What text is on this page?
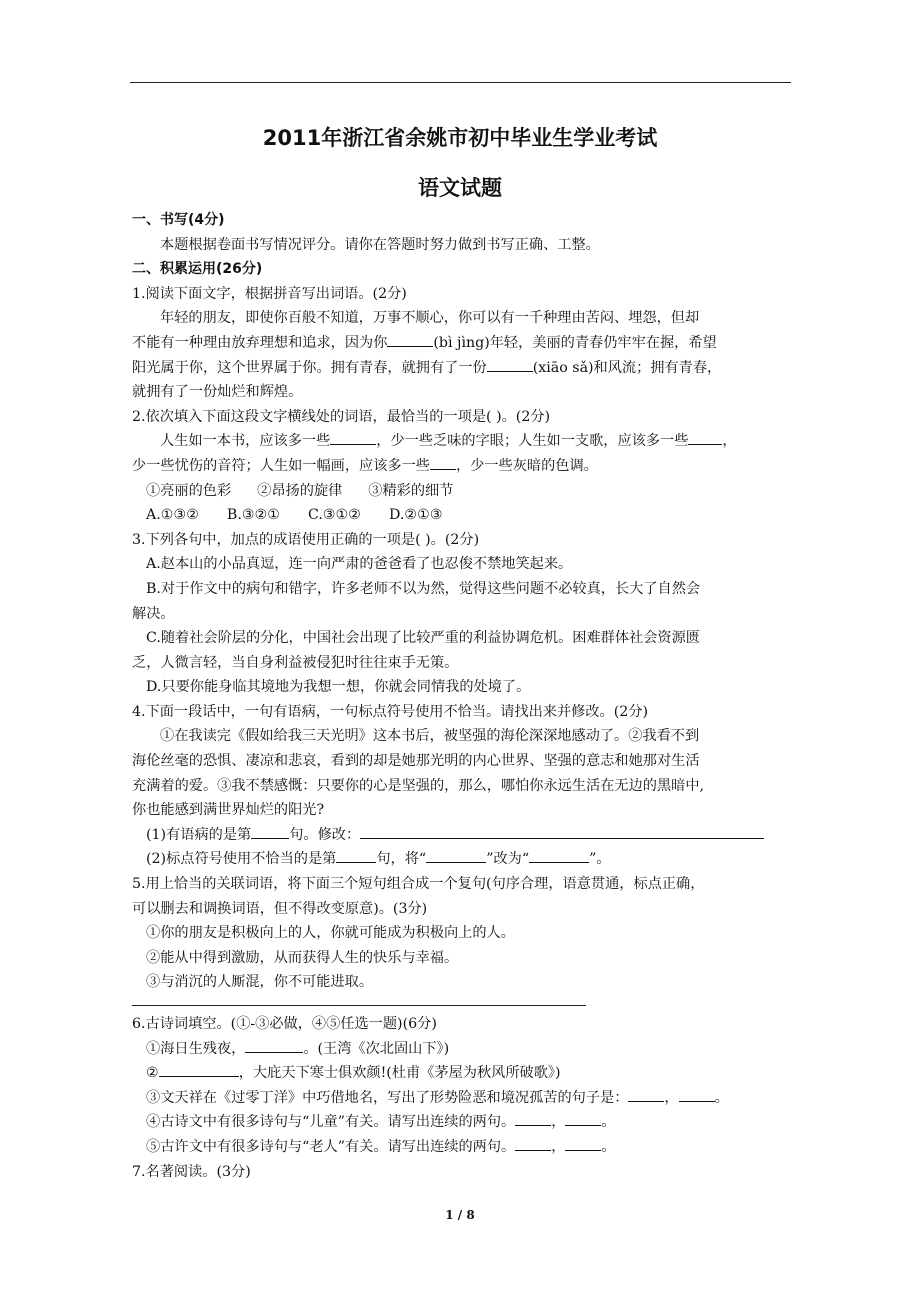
2011年浙江省余姚市初中毕业生学业考试
语文试题

一、书写(4分)

本题根据卷面书写情况评分。请你在答题时努力做到书写正确、工整。

二、积累运用(26分)

1.阅读下面文字，根据拼音写出词语。(2分)

年轻的朋友，即使你百般不知道，万事不顺心，你可以有一千种理由苦闷、埋怨，但却

不能有一种理由放弃理想和追求，因为你	(bì jìng)年轻，美丽的青春仍牢牢在握，希望

阳光属于你，这个世界属于你。拥有青春，就拥有了一份	(xiāo sǎ)和风流；拥有青春，

就拥有了一份灿烂和辉煌。

2.依次填入下面这段文字横线处的词语，最恰当的一项是( )。(2分)

人生如一本书，应该多一些	，少一些乏味的字眼；人生如一支歌，应该多一些 ，

少一些忧伤的音符；人生如一幅画，应该多一些 ，少一些灰暗的色调。

①亮丽的色彩 ②昂扬的旋律 ③精彩的细节

A.①③② B.③②① C.③①② D.②①③

3.下列各句中，加点的成语使用正确的一项是( )。(2分)

A.赵本山的小品真逗，连一向严肃的爸爸看了也忍俊不禁地笑起来。

B.对于作文中的病句和错字，许多老师不以为然，觉得这些问题不必较真，长大了自然会

解决。

C.随着社会阶层的分化，中国社会出现了比较严重的利益协调危机。困难群体社会资源匮

乏，人微言轻，当自身利益被侵犯时往往束手无策。

D.只要你能身临其境地为我想一想，你就会同情我的处境了。

4.下面一段话中，一句有语病，一句标点符号使用不恰当。请找出来并修改。(2分)

①在我读完《假如给我三天光明》这本书后，被坚强的海伦深深地感动了。②我看不到

海伦丝毫的恐惧、凄凉和悲哀，看到的却是她那光明的内心世界、坚强的意志和她那对生活

充满着的爱。③我不禁感慨：只要你的心是坚强的，那么，哪怕你永远生活在无边的黑暗中,

你也能感到满世界灿烂的阳光?

(1)有语病的是第	句。修改：

(2)标点符号使用不恰当的是第	句，将“	”改为“	”。

5.用上恰当的关联词语，将下面三个短句组合成一个复句(句序合理，语意贯通，标点正确，

可以删去和调换词语，但不得改变原意)。(3分)

①你的朋友是积极向上的人，你就可能成为积极向上的人。

②能从中得到激励，从而获得人生的快乐与幸福。

③与消沉的人厮混，你不可能进取。

6.古诗词填空。(①-③必做，④⑤任选一题)(6分)

①海日生残夜，	。(王湾《次北固山下》)

②	，大庇天下寒士俱欢颜!(杜甫《茅屋为秋风所破歌》)

③文天祥在《过零丁洋》中巧借地名，写出了形势险恶和境况孤苦的句子是：	，	。

④古诗文中有很多诗句与“儿童”有关。请写出连续的两句。	，	。

⑤古许文中有很多诗句与“老人”有关。请写出连续的两句。	，	。

7.名著阅读。(3分)

1 / 8
